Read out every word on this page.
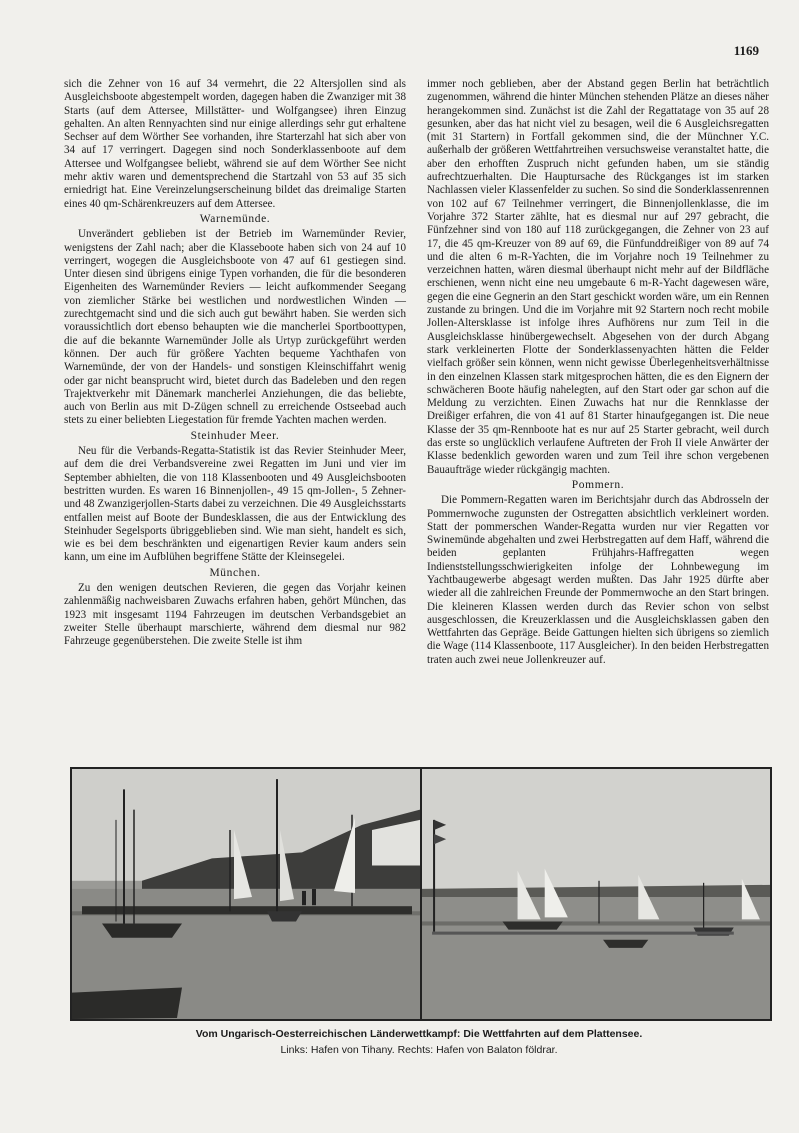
1169

sich die Zehner von 16 auf 34 vermehrt, die 22 Altersjollen sind als Ausgleichsboote abgestempelt worden, dagegen haben die Zwanziger mit 38 Starts (auf dem Attersee, Millstätter- und Wolfgangsee) ihren Einzug gehalten. An alten Rennyachten sind nur einige allerdings sehr gut erhaltene Sechser auf dem Wörther See vorhanden, ihre Starterzahl hat sich aber von 34 auf 17 verringert. Dagegen sind noch Sonderklassenboote auf dem Attersee und Wolfgangsee beliebt, während sie auf dem Wörther See nicht mehr aktiv waren und dementsprechend die Startzahl von 53 auf 35 sich erniedrigt hat. Eine Vereinzelungserscheinung bildet das dreimalige Starten eines 40 qm-Schärenkreuzers auf dem Attersee.

Warnemünde.

Unverändert geblieben ist der Betrieb im Warnemünder Revier, wenigstens der Zahl nach; aber die Klasseboote haben sich von 24 auf 10 verringert, wogegen die Ausgleichsboote von 47 auf 61 gestiegen sind. Unter diesen sind übrigens einige Typen vorhanden, die für die besonderen Eigenheiten des Warnemünder Reviers — leicht aufkommender Seegang von ziemlicher Stärke bei westlichen und nordwestlichen Winden — zurechtgemacht sind und die sich auch gut bewährt haben. Sie werden sich voraussichtlich dort ebenso behaupten wie die mancherlei Sportboottypen, die auf die bekannte Warnemünder Jolle als Urtyp zurückgeführt werden können. Der auch für größere Yachten bequeme Yachthafen von Warnemünde, der von der Handels- und sonstigen Kleinschiffahrt wenig oder gar nicht beansprucht wird, bietet durch das Badeleben und den regen Trajektverkehr mit Dänemark mancherlei Anziehungen, die das beliebte, auch von Berlin aus mit D-Zügen schnell zu erreichende Ostseebad auch stets zu einer beliebten Liegestation für fremde Yachten machen werden.

Steinhuder Meer.

Neu für die Verbands-Regatta-Statistik ist das Revier Steinhuder Meer, auf dem die drei Verbandsvereine zwei Regatten im Juni und vier im September abhielten, die von 118 Klassenbooten und 49 Ausgleichsbooten bestritten wurden. Es waren 16 Binnenjollen-, 49 15 qm-Jollen-, 5 Zehner- und 48 Zwanzigerjollen-Starts dabei zu verzeichnen. Die 49 Ausgleichsstarts entfallen meist auf Boote der Bundesklassen, die aus der Entwicklung des Steinhuder Segelsports übriggeblieben sind. Wie man sieht, handelt es sich, wie es bei dem beschränkten und eigenartigen Revier kaum anders sein kann, um eine im Aufblühen begriffene Stätte der Kleinsegelei.

München.

Zu den wenigen deutschen Revieren, die gegen das Vorjahr keinen zahlenmäßig nachweisbaren Zuwachs erfahren haben, gehört München, das 1923 mit insgesamt 1194 Fahrzeugen im deutschen Verbandsgebiet an zweiter Stelle überhaupt marschierte, während dem diesmal nur 982 Fahrzeuge gegenüberstehen. Die zweite Stelle ist ihm

immer noch geblieben, aber der Abstand gegen Berlin hat beträchtlich zugenommen, während die hinter München stehenden Plätze an dieses näher herangekommen sind. Zunächst ist die Zahl der Regattatage von 35 auf 28 gesunken, aber das hat nicht viel zu besagen, weil die 6 Ausgleichsregatten (mit 31 Startern) in Fortfall gekommen sind, die der Münchner Y.C. außerhalb der größeren Wettfahrtreihen versuchsweise veranstaltet hatte, die aber den erhofften Zuspruch nicht gefunden haben, um sie ständig aufrechtzuerhalten. Die Hauptursache des Rückganges ist im starken Nachlassen vieler Klassenfelder zu suchen. So sind die Sonderklassenrennen von 102 auf 67 Teilnehmer verringert, die Binnenjollenklasse, die im Vorjahre 372 Starter zählte, hat es diesmal nur auf 297 gebracht, die Fünfzehner sind von 180 auf 118 zurückgegangen, die Zehner von 23 auf 17, die 45 qm-Kreuzer von 89 auf 69, die Fünfunddreißiger von 89 auf 74 und die alten 6 m-R-Yachten, die im Vorjahre noch 19 Teilnehmer zu verzeichnen hatten, wären diesmal überhaupt nicht mehr auf der Bildfläche erschienen, wenn nicht eine neu umgebaute 6 m-R-Yacht dagewesen wäre, gegen die eine Gegnerin an den Start geschickt worden wäre, um ein Rennen zustande zu bringen. Und die im Vorjahre mit 92 Startern noch recht mobile Jollen-Altersklasse ist infolge ihres Aufhörens nur zum Teil in die Ausgleichsklasse hinübergewechselt. Abgesehen von der durch Abgang stark verkleinerten Flotte der Sonderklassenyachten hätten die Felder vielfach größer sein können, wenn nicht gewisse Überlegenheitsverhältnisse in den einzelnen Klassen stark mitgesprochen hätten, die es den Eignern der schwächeren Boote häufig nahelegten, auf den Start oder gar schon auf die Meldung zu verzichten. Einen Zuwachs hat nur die Rennklasse der Dreißiger erfahren, die von 41 auf 81 Starter hinaufgegangen ist. Die neue Klasse der 35 qm-Rennboote hat es nur auf 25 Starter gebracht, weil durch das erste so unglücklich verlaufene Auftreten der Froh II viele Anwärter der Klasse bedenklich geworden waren und zum Teil ihre schon vergebenen Bauaufträge wieder rückgängig machten.

Pommern.

Die Pommern-Regatten waren im Berichtsjahr durch das Abdrosseln der Pommernwoche zugunsten der Ostregatten absichtlich verkleinert worden. Statt der pommerschen Wander-Regatta wurden nur vier Regatten vor Swinemünde abgehalten und zwei Herbstregatten auf dem Haff, während die beiden geplanten Frühjahrs-Haffregatten wegen Indienststellungsschwierigkeiten infolge der Lohnbewegung im Yachtbaugewerbe abgesagt werden mußten. Das Jahr 1925 dürfte aber wieder all die zahlreichen Freunde der Pommernwoche an den Start bringen. Die kleineren Klassen werden durch das Revier schon von selbst ausgeschlossen, die Kreuzerklassen und die Ausgleichsklassen gaben den Wettfahrten das Gepräge. Beide Gattungen hielten sich übrigens so ziemlich die Wage (114 Klassenboote, 117 Ausgleicher). In den beiden Herbstregatten traten auch zwei neue Jollenkreuzer auf.

Vom Ungarisch-Oesterreichischen Länderwettkampf: Die Wettfahrten auf dem Plattensee.
Links: Hafen von Tihany. Rechts: Hafen von Balaton földrar.
